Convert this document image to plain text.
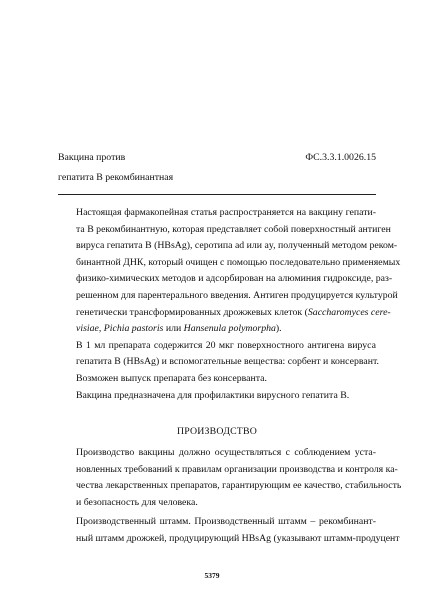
Вакцина против
гепатита В рекомбинантная
ФС.3.3.1.0026.15

Настоящая фармакопейная статья распространяется на вакцину гепати-
та В рекомбинантную, которая представляет собой поверхностный антиген
вируса гепатита В (HBsAg), серотипа ad или ay, полученный методом реком-
бинантной ДНК, который очищен с помощью последовательно применяемых
физико-химических методов и адсорбирован на алюминия гидроксиде, раз-
решенном для парентерального введения. Антиген продуцируется культурой
генетически трансформированных дрожжевых клеток (Saccharomyces cere-
visiae, Pichia pastoris или Hansenula polymorpha).

В 1 мл препарата содержится 20 мкг поверхностного антигена вируса
гепатита В (HBsAg) и вспомогательные вещества: сорбент и консервант.
Возможен выпуск препарата без консерванта.

Вакцина предназначена для профилактики вирусного гепатита В.

ПРОИЗВОДСТВО

Производство вакцины должно осуществляться с соблюдением уста-
новленных требований к правилам организации производства и контроля ка-
чества лекарственных препаратов, гарантирующим ее качество, стабильность
и безопасность для человека.

Производственный штамм. Производственный штамм – рекомбинант-
ный штамм дрожжей, продуцирующий HBsAg (указывают штамм-продуцент

5379
